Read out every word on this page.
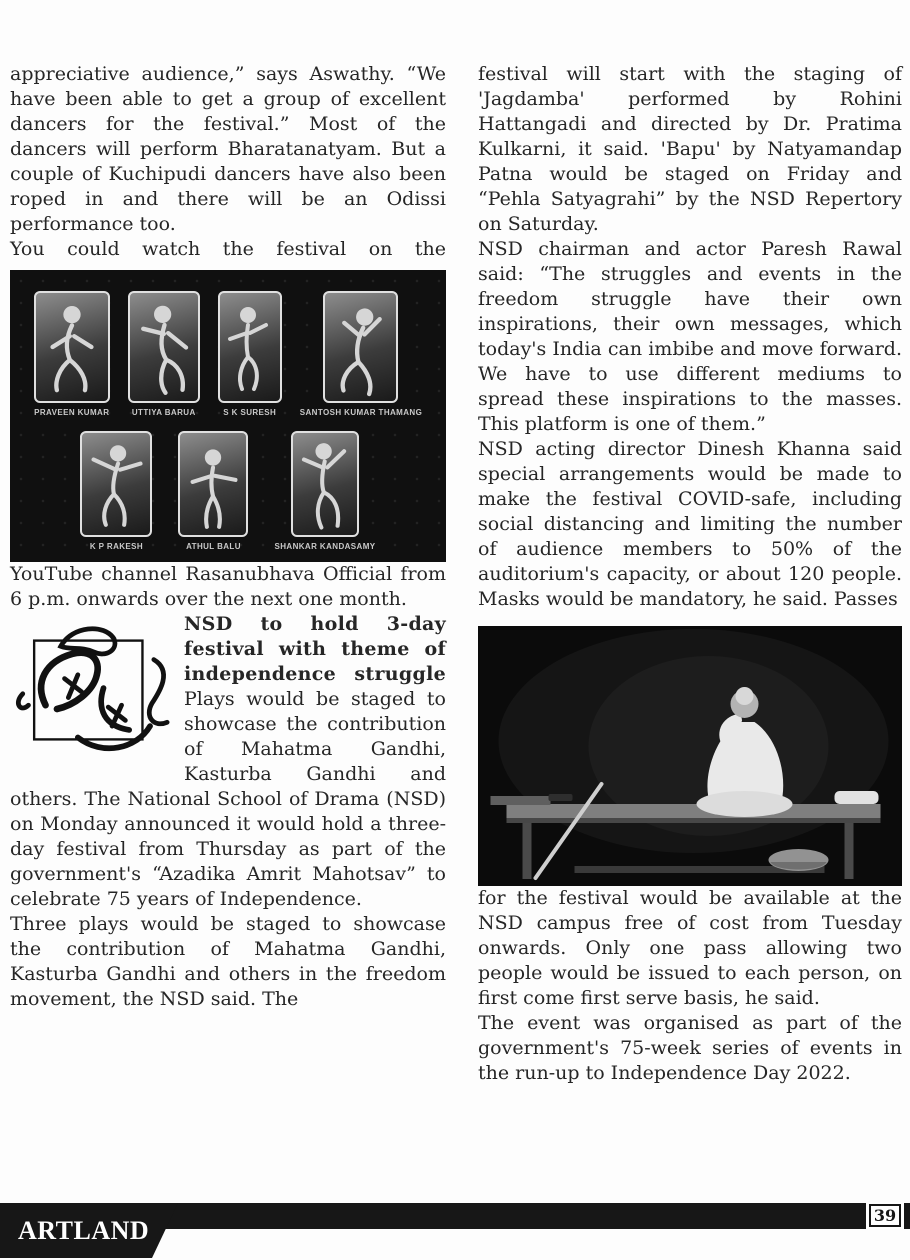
appreciative audience,” says Aswathy. “We have been able to get a group of excellent dancers for the festival.” Most of the dancers will perform Bharatanatyam. But a couple of Kuchipudi dancers have also been roped in and there will be an Odissi performance too.

You could watch the festival on the

PRAVEEN KUMAR	UTTIYA BARUA	S K SURESH	SANTOSH KUMAR THAMANG
K P RAKESH	ATHUL BALU	SHANKAR KANDASAMY

YouTube channel Rasanubhava Official from 6 p.m. onwards over the next one month.

NSD to hold 3-day festival with theme of independence struggle Plays would be staged to showcase the contribution of Mahatma Gandhi, Kasturba Gandhi and others. The National School of Drama (NSD) on Monday announced it would hold a three-day festival from Thursday as part of the government's “Azadika Amrit Mahotsav” to celebrate 75 years of Independence.

Three plays would be staged to showcase the contribution of Mahatma Gandhi, Kasturba Gandhi and others in the freedom movement, the NSD said. The

festival will start with the staging of 'Jagdamba' performed by Rohini Hattangadi and directed by Dr. Pratima Kulkarni, it said. 'Bapu' by Natyamandap Patna would be staged on Friday and “Pehla Satyagrahi” by the NSD Repertory on Saturday.

NSD chairman and actor Paresh Rawal said: “The struggles and events in the freedom struggle have their own inspirations, their own messages, which today's India can imbibe and move forward. We have to use different mediums to spread these inspirations to the masses. This platform is one of them.”

NSD acting director Dinesh Khanna said special arrangements would be made to make the festival COVID-safe, including social distancing and limiting the number of audience members to 50% of the auditorium's capacity, or about 120 people. Masks would be mandatory, he said. Passes

for the festival would be available at the NSD campus free of cost from Tuesday onwards. Only one pass allowing two people would be issued to each person, on first come first serve basis, he said.

The event was organised as part of the government's 75-week series of events in the run-up to Independence Day 2022.

ARTLAND
39
